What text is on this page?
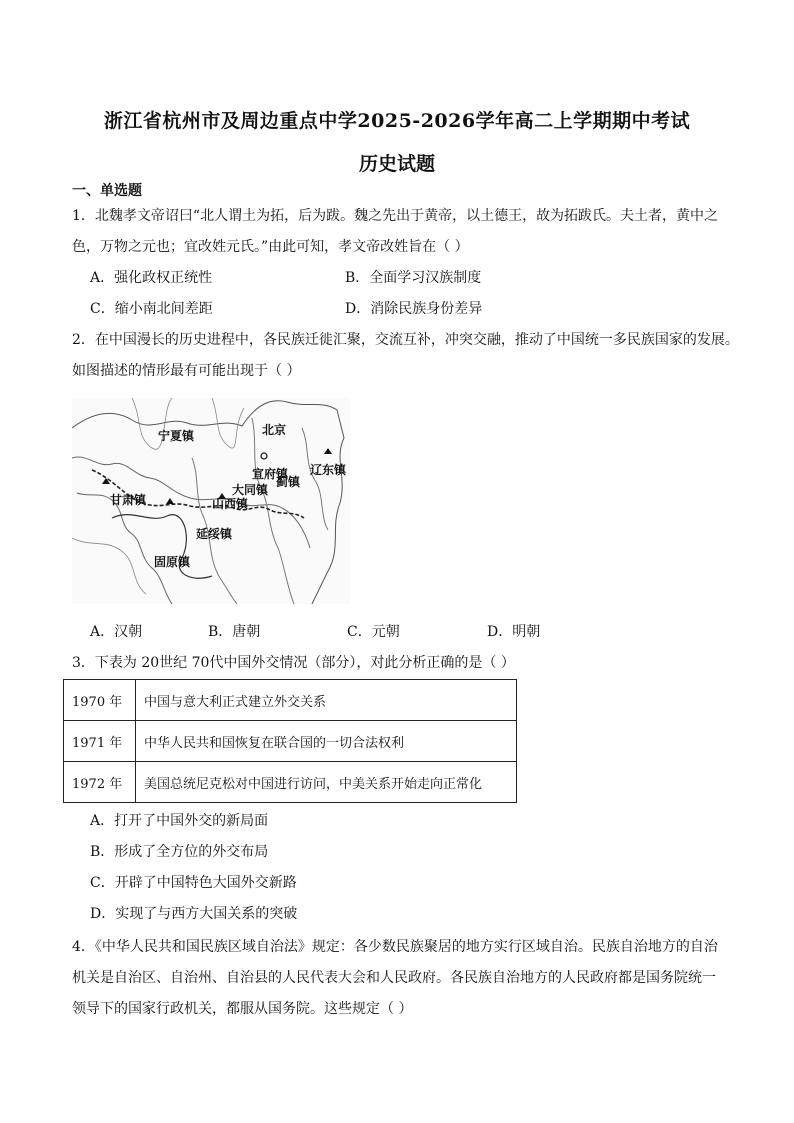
浙江省杭州市及周边重点中学2025-2026学年高二上学期期中考试
历史试题
一、单选题
1．北魏孝文帝诏曰“北人谓土为拓，后为跋。魏之先出于黄帝，以土德王，故为拓跋氏。夫土者，黄中之
色，万物之元也；宜改姓元氏。”由此可知，孝文帝改姓旨在（ ）
A．强化政权正统性	B．全面学习汉族制度
C．缩小南北间差距	D．消除民族身份差异
2．在中国漫长的历史进程中，各民族迁徙汇聚，交流互补，冲突交融，推动了中国统一多民族国家的发展。
如图描述的情形最有可能出现于（ ）
宁夏镇
甘肃镇
固原镇
延绥镇
山西镇
大同镇
宣府镇
蓟镇
辽东镇
北京
A．汉朝	B．唐朝	C．元朝	D．明朝
3．下表为 20世纪 70代中国外交情况（部分），对此分析正确的是（ ）
1970 年	中国与意大利正式建立外交关系
1971 年	中华人民共和国恢复在联合国的一切合法权利
1972 年	美国总统尼克松对中国进行访问，中美关系开始走向正常化
A．打开了中国外交的新局面
B．形成了全方位的外交布局
C．开辟了中国特色大国外交新路
D．实现了与西方大国关系的突破
4．《中华人民共和国民族区域自治法》规定：各少数民族聚居的地方实行区域自治。民族自治地方的自治
机关是自治区、自治州、自治县的人民代表大会和人民政府。各民族自治地方的人民政府都是国务院统一
领导下的国家行政机关，都服从国务院。这些规定（ ）
